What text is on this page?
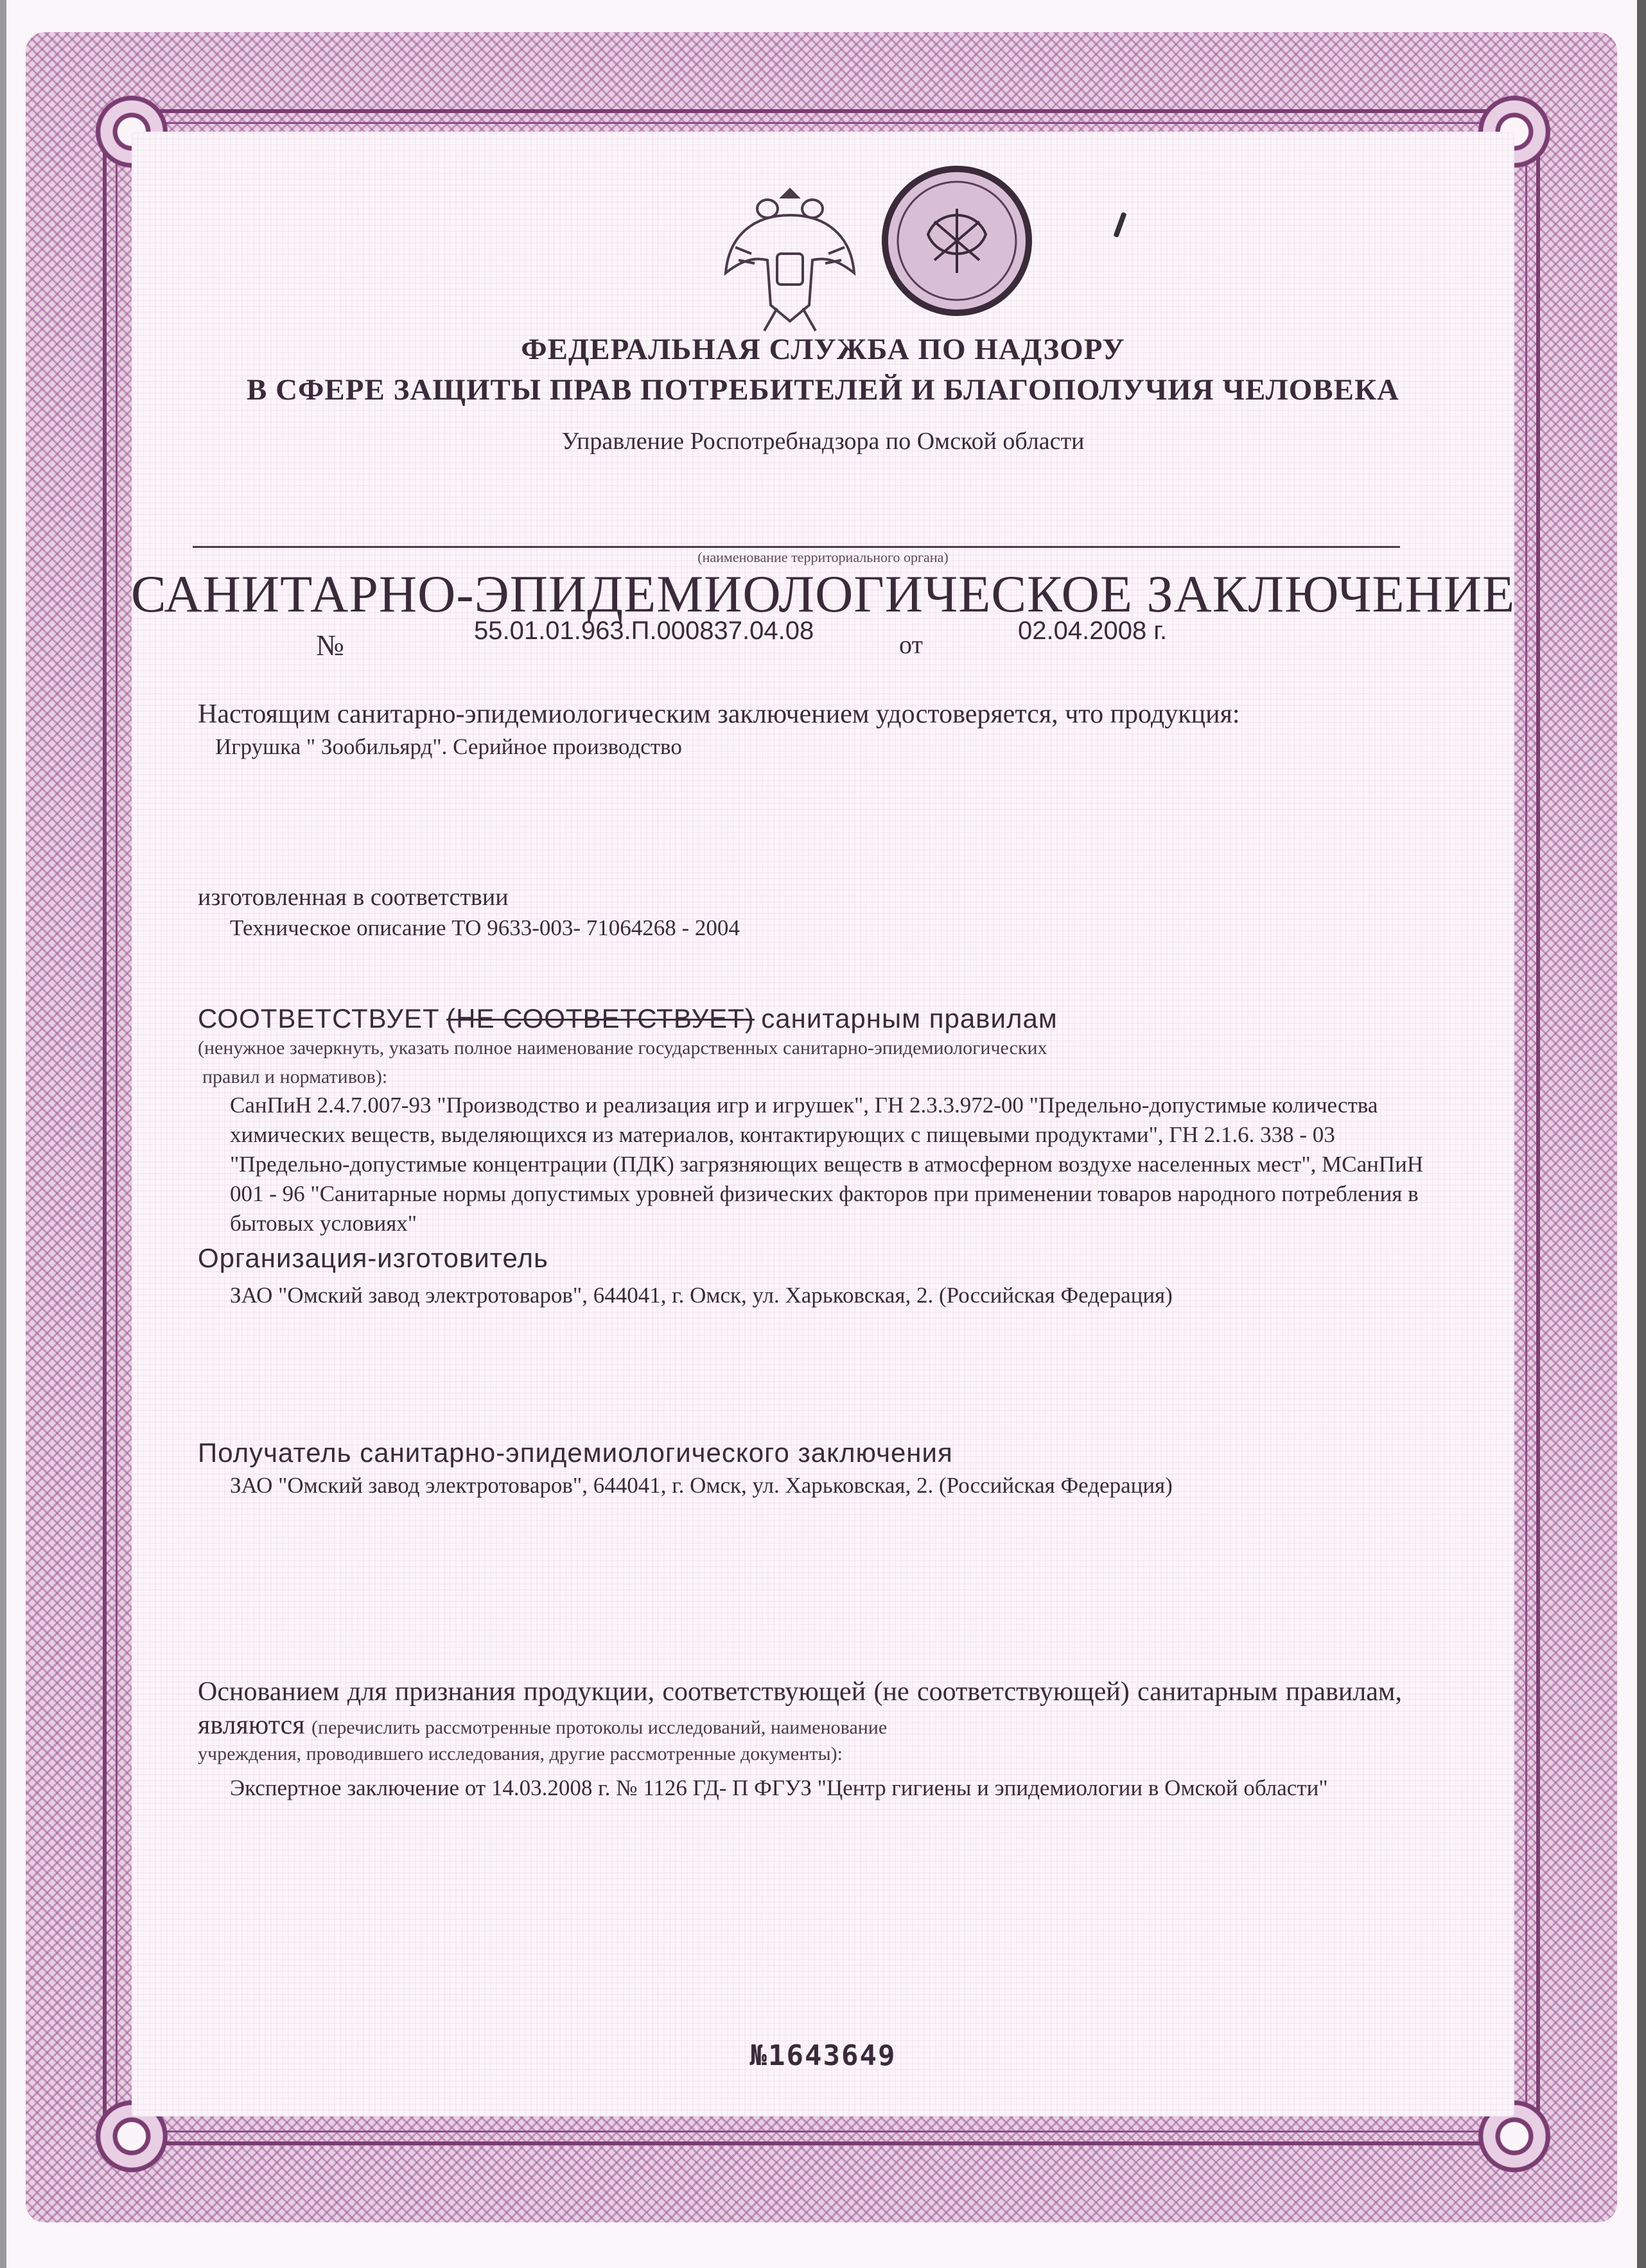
ФЕДЕРАЛЬНАЯ СЛУЖБА ПО НАДЗОРУ
В СФЕРЕ ЗАЩИТЫ ПРАВ ПОТРЕБИТЕЛЕЙ И БЛАГОПОЛУЧИЯ ЧЕЛОВЕКА
Управление Роспотребнадзора по Омской области
(наименование территориального органа)
САНИТАРНО-ЭПИДЕМИОЛОГИЧЕСКОЕ ЗАКЛЮЧЕНИЕ
№	55.01.01.963.П.000837.04.08	от	02.04.2008 г.
Настоящим санитарно-эпидемиологическим заключением удостоверяется, что продукция:
Игрушка " Зообильярд". Серийное производство
изготовленная в соответствии
Техническое описание ТО 9633-003- 71064268 - 2004
СООТВЕТСТВУЕТ (НЕ СООТВЕТСТВУЕТ) санитарным правилам
(ненужное зачеркнуть, указать полное наименование государственных санитарно-эпидемиологических
правил и нормативов):
СанПиН 2.4.7.007-93 "Производство и реализация игр и игрушек", ГН 2.3.3.972-00 "Предельно-допустимые количества химических веществ, выделяющихся из материалов, контактирующих с пищевыми продуктами", ГН 2.1.6. 338 - 03 "Предельно-допустимые концентрации (ПДК) загрязняющих веществ в атмосферном воздухе населенных мест", МСанПиН 001 - 96 "Санитарные нормы допустимых уровней физических факторов при применении товаров народного потребления в бытовых условиях"
Организация-изготовитель
ЗАО "Омский завод электротоваров", 644041, г. Омск, ул. Харьковская, 2. (Российская Федерация)
Получатель санитарно-эпидемиологического заключения
ЗАО "Омский завод электротоваров", 644041, г. Омск, ул. Харьковская, 2. (Российская Федерация)
Основанием для признания продукции, соответствующей (не соответствующей) санитарным правилам, являются (перечислить рассмотренные протоколы исследований, наименование
учреждения, проводившего исследования, другие рассмотренные документы):
Экспертное заключение от 14.03.2008 г. № 1126 ГД- П ФГУЗ "Центр гигиены и эпидемиологии в Омской области"
№1643649
